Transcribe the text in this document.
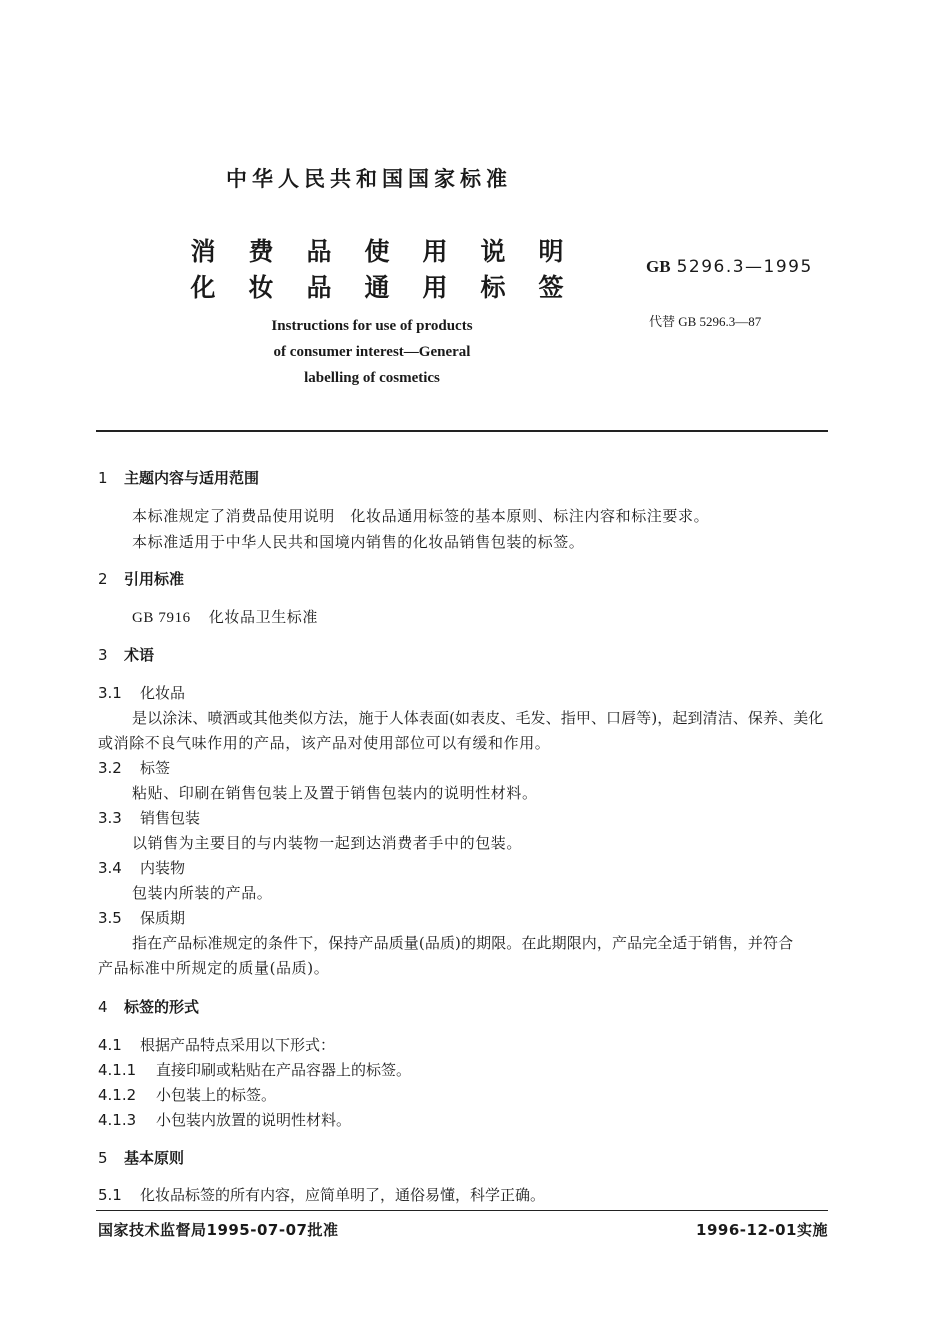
中华人民共和国国家标准
消 费 品 使 用 说 明
化 妆 品 通 用 标 签
GB 5296.3—1995
代替 GB 5296.3—87
Instructions for use of products
of consumer interest—General
labelling of cosmetics
1 主题内容与适用范围
本标准规定了消费品使用说明　化妆品通用标签的基本原则、标注内容和标注要求。
本标准适用于中华人民共和国境内销售的化妆品销售包装的标签。
2 引用标准
GB 7916 化妆品卫生标准
3 术语
3.1 化妆品
是以涂沫、喷洒或其他类似方法，施于人体表面(如表皮、毛发、指甲、口唇等)，起到清洁、保养、美化
或消除不良气味作用的产品，该产品对使用部位可以有缓和作用。
3.2 标签
粘贴、印刷在销售包装上及置于销售包装内的说明性材料。
3.3 销售包装
以销售为主要目的与内装物一起到达消费者手中的包装。
3.4 内装物
包装内所装的产品。
3.5 保质期
指在产品标准规定的条件下，保持产品质量(品质)的期限。在此期限内，产品完全适于销售，并符合
产品标准中所规定的质量(品质)。
4 标签的形式
4.1 根据产品特点采用以下形式：
4.1.1 直接印刷或粘贴在产品容器上的标签。
4.1.2 小包装上的标签。
4.1.3 小包装内放置的说明性材料。
5 基本原则
5.1 化妆品标签的所有内容，应简单明了，通俗易懂，科学正确。
国家技术监督局1995-07-07批准	1996-12-01实施
